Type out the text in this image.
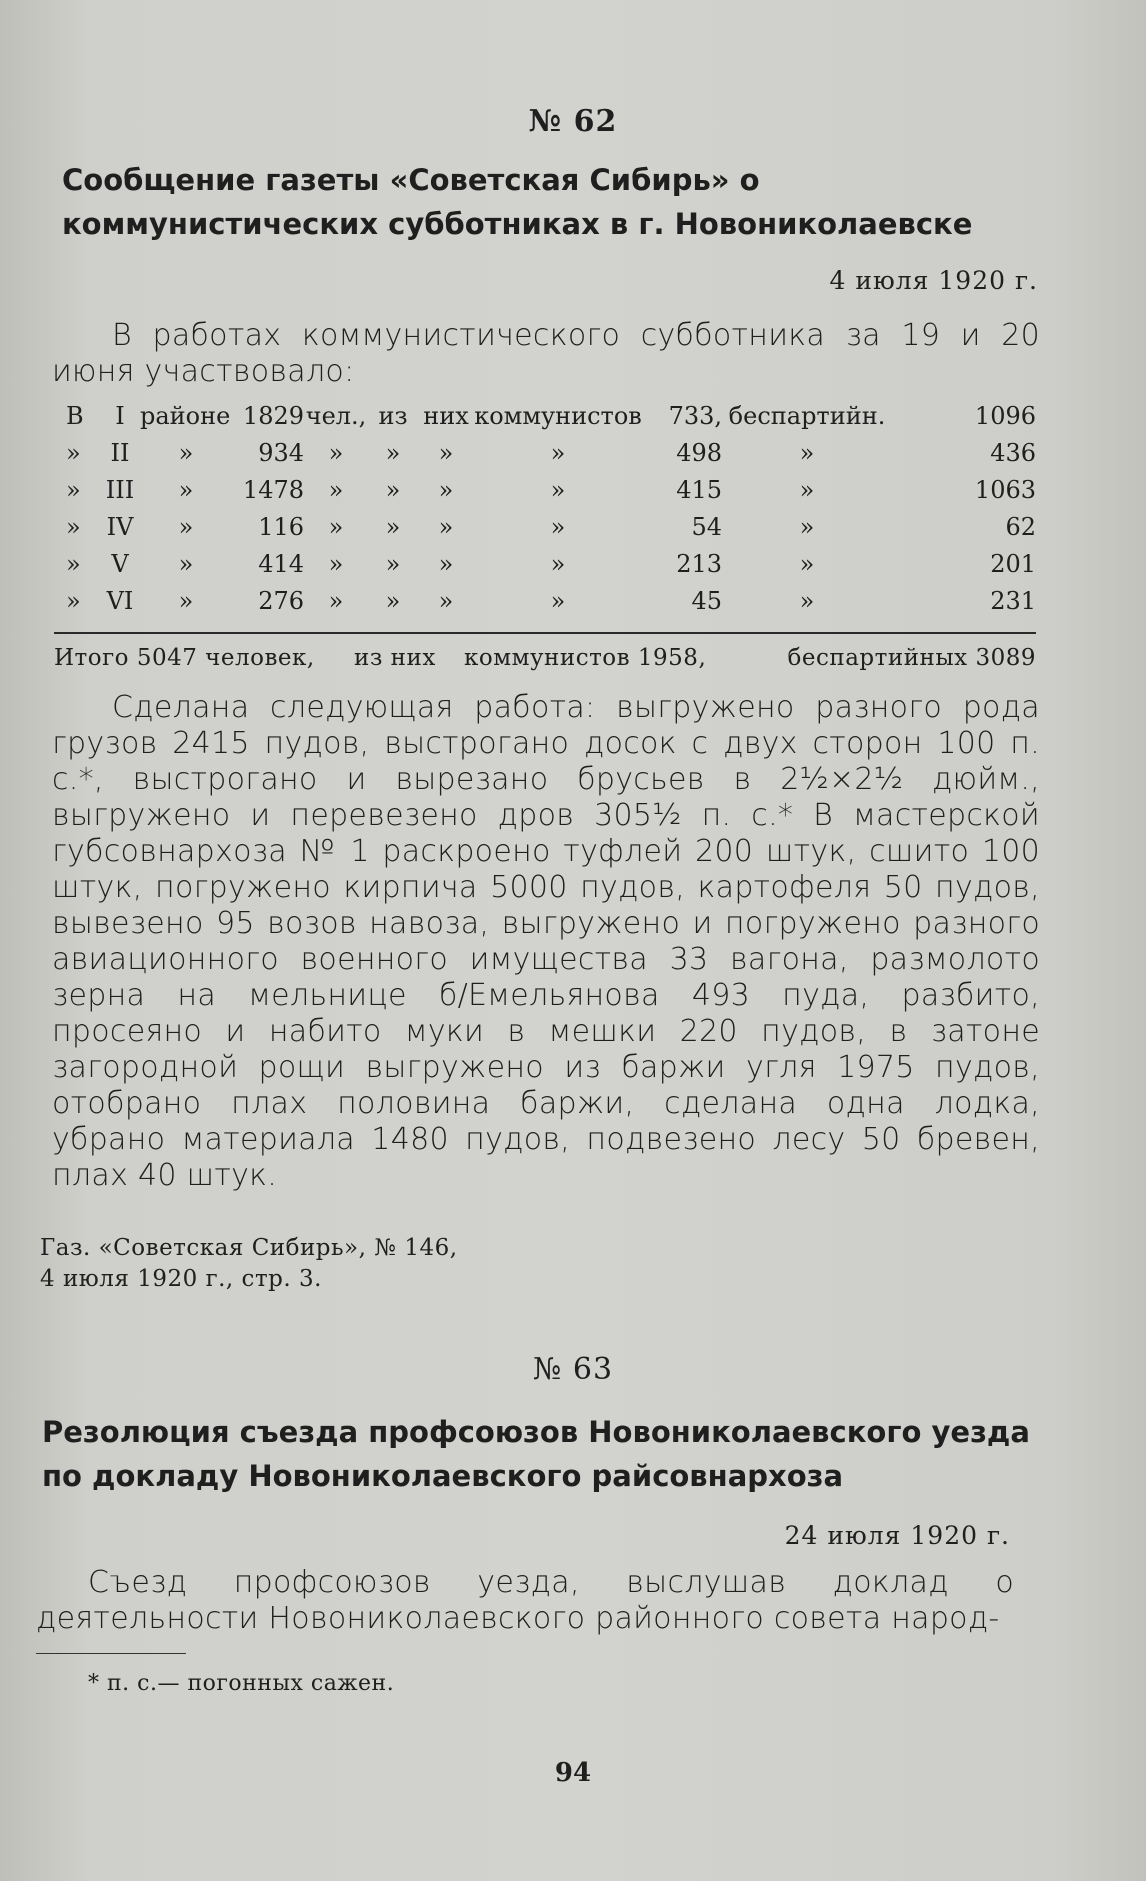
№ 62
Сообщение газеты «Советская Сибирь» о коммунистических субботниках в г. Новониколаевске
4 июля 1920 г.
В работах коммунистического субботника за 19 и 20 июня участвовало:
В	I	районе	1829	чел.,	из	них	коммунистов	733,	беспартийн.	1096
»	II	»	934	»	»	»	»	498	»	436
»	III	»	1478	»	»	»	»	415	»	1063
»	IV	»	116	»	»	»	»	54	»	62
»	V	»	414	»	»	»	»	213	»	201
»	VI	»	276	»	»	»	»	45	»	231
Итого 5047 человек, из них коммунистов 1958,	беспартийных 3089
Сделана следующая работа: выгружено разного рода грузов 2415 пудов, выстрогано досок с двух сторон 100 п. с.*, выстрогано и вырезано брусьев в 2½×2½ дюйм., выгружено и перевезено дров 305½ п. с.* В мастерской губсовнархоза № 1 раскроено туфлей 200 штук, сшито 100 штук, погружено кирпича 5000 пудов, картофеля 50 пудов, вывезено 95 возов навоза, выгружено и погружено разного авиационного военного имущества 33 вагона, размолото зерна на мельнице б/Емельянова 493 пуда, разбито, просеяно и набито муки в мешки 220 пудов, в затоне загородной рощи выгружено из баржи угля 1975 пудов, отобрано плах половина баржи, сделана одна лодка, убрано материала 1480 пудов, подвезено лесу 50 бревен, плах 40 штук.
Газ. «Советская Сибирь», № 146,
4 июля 1920 г., стр. 3.
№ 63
Резолюция съезда профсоюзов Новониколаевского уезда по докладу Новониколаевского райсовнархоза
24 июля 1920 г.
Съезд профсоюзов уезда, выслушав доклад о деятельности Новониколаевского районного совета народ-
* п. с.— погонных сажен.
94
